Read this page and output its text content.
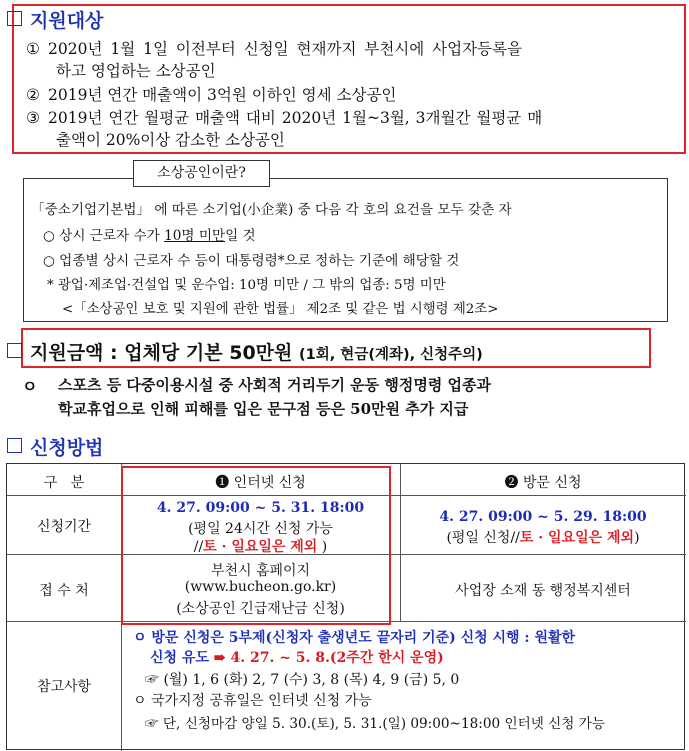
지원대상
① 2020년 1월 1일 이전부터 신청일 현재까지 부천시에 사업자등록을
하고 영업하는 소상공인
② 2019년 연간 매출액이 3억원 이하인 영세 소상공인
③ 2019년 연간 월평균 매출액 대비 2020년 1월~3월, 3개월간 월평균 매
출액이 20%이상 감소한 소상공인
소상공인이란?
「중소기업기본법」 에 따른 소기업(小企業) 중 다음 각 호의 요건을 모두 갖춘 자
○ 상시 근로자 수가 10명 미만일 것
○ 업종별 상시 근로자 수 등이 대통령령*으로 정하는 기준에 해당할 것
* 광업·제조업·건설업 및 운수업: 10명 미만 / 그 밖의 업종: 5명 미만
<「소상공인 보호 및 지원에 관한 법률」 제2조 및 같은 법 시행령 제2조>
지원금액 : 업체당 기본 50만원 (1회, 현금(계좌), 신청주의)
ㅇ 스포츠 등 다중이용시설 중 사회적 거리두기 운동 행정명령 업종과
학교휴업으로 인해 피해를 입은 문구점 등은 50만원 추가 지급
신청방법
구   분	❶ 인터넷 신청	❷ 방문 신청
신청기간
4. 27. 09:00 ~ 5. 31. 18:00
(평일 24시간 신청 가능
//토 · 일요일은 제외 )
4. 27. 09:00 ~ 5. 29. 18:00
(평일 신청//토 · 일요일은 제외)
접 수 처
부천시 홈페이지
(www.bucheon.go.kr)
(소상공인 긴급재난금 신청)
사업장 소재 동 행정복지센터
참고사항
ㅇ 방문 신청은 5부제(신청자 출생년도 끝자리 기준) 신청 시행 : 원활한
신청 유도 ➠ 4. 27. ~ 5. 8.(2주간 한시 운영)
☞ (월) 1, 6 (화) 2, 7 (수) 3, 8 (목) 4, 9 (금) 5, 0
ㅇ 국가지정 공휴일은 인터넷 신청 가능
☞ 단, 신청마감 양일 5. 30.(토), 5. 31.(일) 09:00~18:00 인터넷 신청 가능
